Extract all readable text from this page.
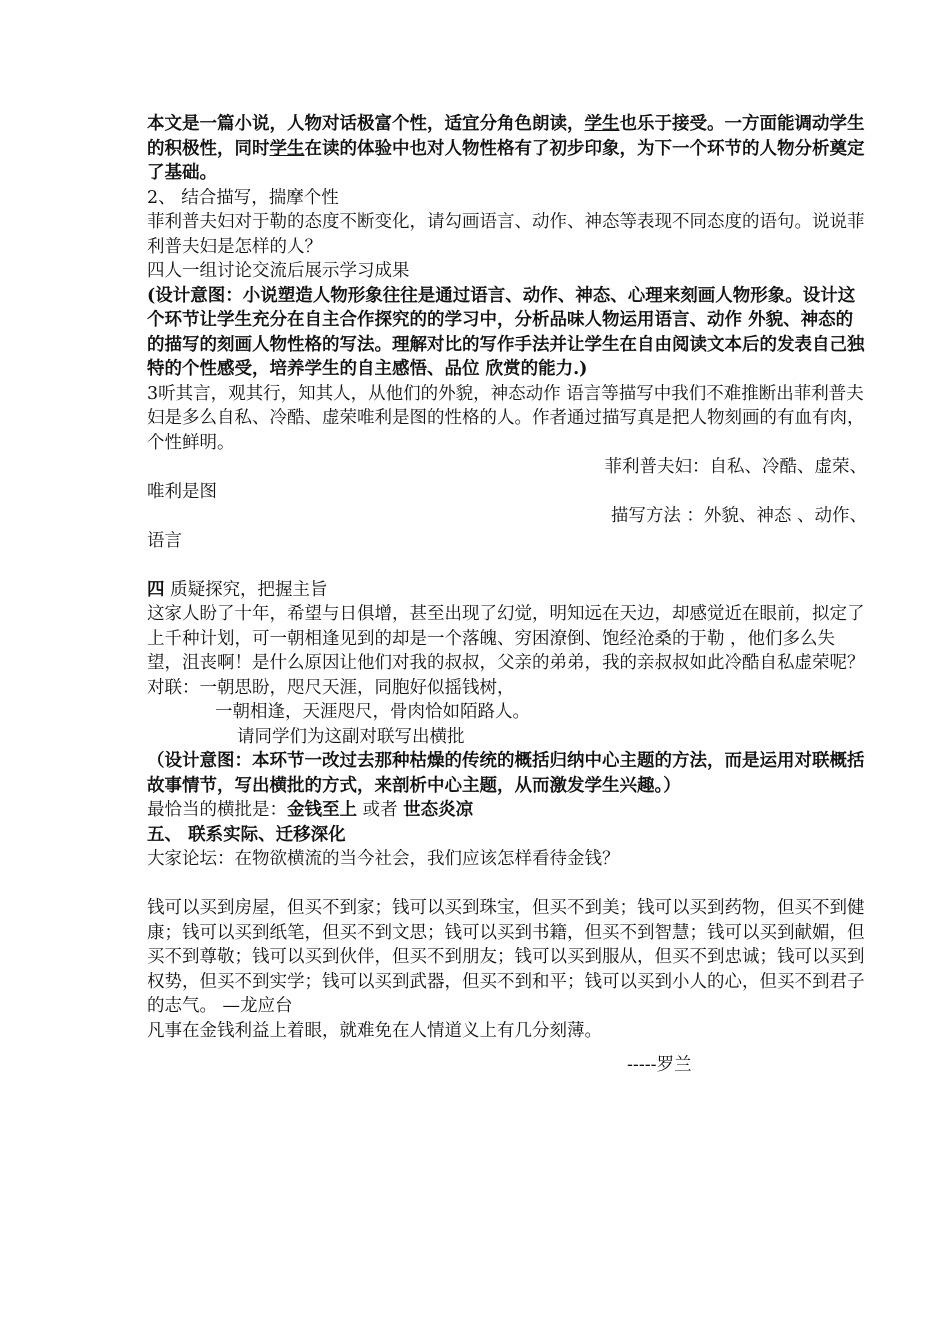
本文是一篇小说，人物对话极富个性，适宜分角色朗读，学生也乐于接受。一方面能调动学生的积极性，同时学生在读的体验中也对人物性格有了初步印象，为下一个环节的人物分析奠定了基础。

2、 结合描写，揣摩个性

菲利普夫妇对于勒的态度不断变化，请勾画语言、动作、神态等表现不同态度的语句。说说菲利普夫妇是怎样的人？

四人一组讨论交流后展示学习成果

(设计意图：小说塑造人物形象往往是通过语言、动作、神态、心理来刻画人物形象。设计这个环节让学生充分在自主合作探究的的学习中，分析品味人物运用语言、动作 外貌、神态的的描写的刻画人物性格的写法。理解对比的写作手法并让学生在自由阅读文本后的发表自己独特的个性感受，培养学生的自主感悟、品位 欣赏的能力.)

3听其言，观其行，知其人，从他们的外貌，神态动作 语言等描写中我们不难推断出菲利普夫妇是多么自私、冷酷、虚荣唯利是图的性格的人。作者通过描写真是把人物刻画的有血有肉，个性鲜明。

菲利普夫妇：自私、冷酷、虚荣、

唯利是图

描写方法 ：外貌、神态 、动作、

语言

四 质疑探究，把握主旨

这家人盼了十年，希望与日俱增，甚至出现了幻觉，明知远在天边，却感觉近在眼前，拟定了上千种计划，可一朝相逢见到的却是一个落魄、穷困潦倒、饱经沧桑的于勒 ，他们多么失望，沮丧啊！是什么原因让他们对我的叔叔，父亲的弟弟，我的亲叔叔如此冷酷自私虚荣呢？

对联：一朝思盼，咫尺天涯，同胞好似摇钱树，

一朝相逢，天涯咫尺，骨肉恰如陌路人。

请同学们为这副对联写出横批

（设计意图：本环节一改过去那种枯燥的传统的概括归纳中心主题的方法，而是运用对联概括故事情节，写出横批的方式，来剖析中心主题，从而激发学生兴趣。）

最恰当的横批是：金钱至上 或者 世态炎凉

五、 联系实际、迁移深化

大家论坛：在物欲横流的当今社会，我们应该怎样看待金钱？

钱可以买到房屋，但买不到家；钱可以买到珠宝，但买不到美；钱可以买到药物，但买不到健康；钱可以买到纸笔，但买不到文思；钱可以买到书籍，但买不到智慧；钱可以买到献媚，但买不到尊敬；钱可以买到伙伴，但买不到朋友；钱可以买到服从，但买不到忠诚；钱可以买到权势，但买不到实学；钱可以买到武器，但买不到和平；钱可以买到小人的心，但买不到君子的志气。 —龙应台

凡事在金钱利益上着眼，就难免在人情道义上有几分刻薄。

-----罗兰
